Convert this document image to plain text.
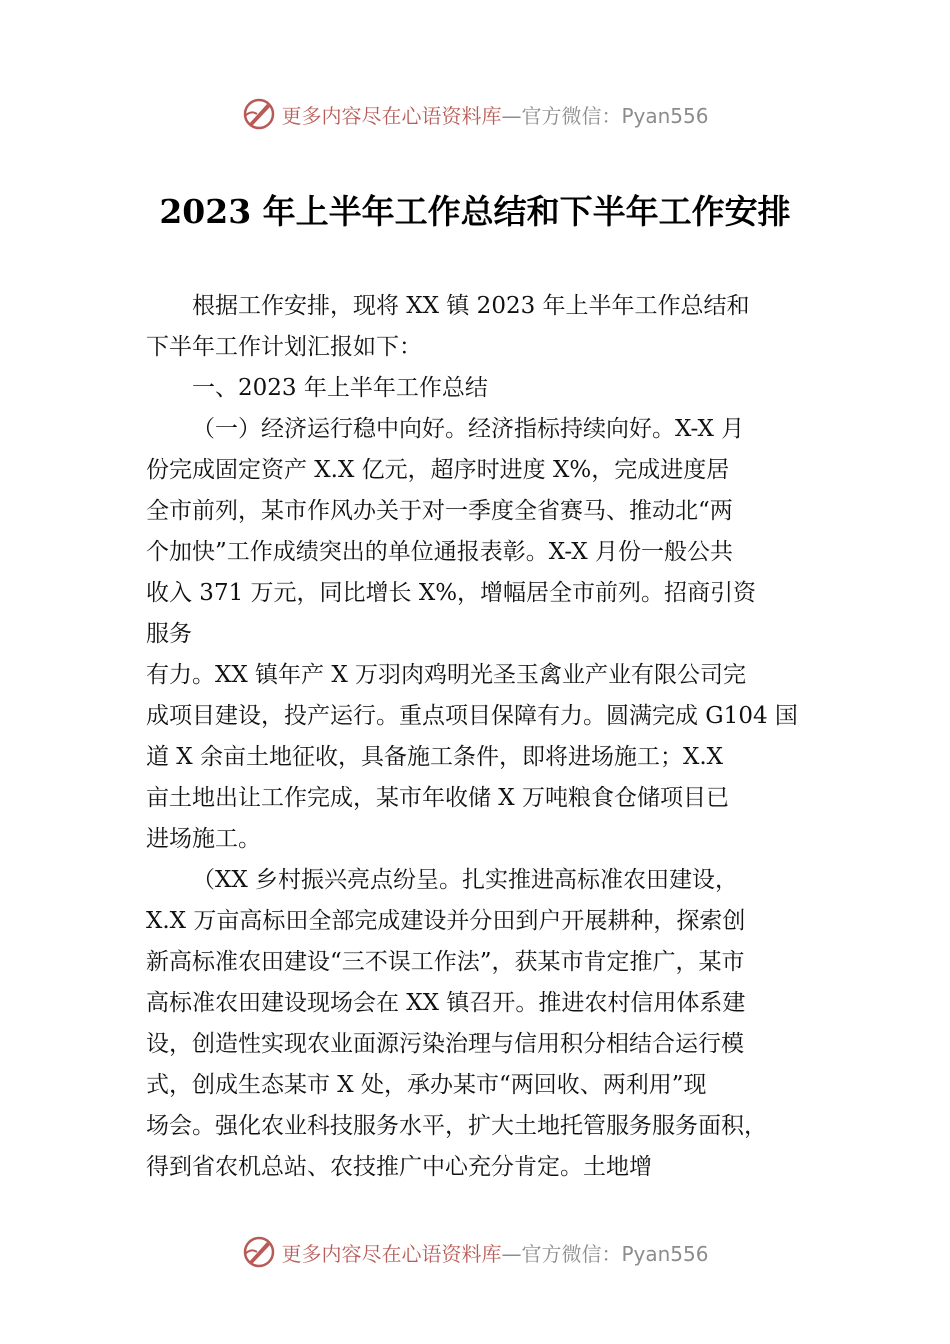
更多内容尽在心语资料库 —官方微信：Pyan556
2023 年上半年工作总结和下半年工作安排
根据工作安排，现将 XX 镇 2023 年上半年工作总结和
下半年工作计划汇报如下：
一、2023 年上半年工作总结
（一）经济运行稳中向好。经济指标持续向好。X-X 月
份完成固定资产 X.X 亿元，超序时进度 X%，完成进度居
全市前列，某市作风办关于对一季度全省赛马、推动北“两
个加快”工作成绩突出的单位通报表彰。X-X 月份一般公共
收入 371 万元，同比增长 X%，增幅居全市前列。招商引资
服务
有力。XX 镇年产 X 万羽肉鸡明光圣玉禽业产业有限公司完
成项目建设，投产运行。重点项目保障有力。圆满完成 G104 国
道 X 余亩土地征收，具备施工条件，即将进场施工；X.X
亩土地出让工作完成，某市年收储 X 万吨粮食仓储项目已
进场施工。
（XX 乡村振兴亮点纷呈。扎实推进高标准农田建设，
X.X 万亩高标田全部完成建设并分田到户开展耕种，探索创
新高标准农田建设“三不误工作法”，获某市肯定推广，某市
高标准农田建设现场会在 XX 镇召开。推进农村信用体系建
设，创造性实现农业面源污染治理与信用积分相结合运行模
式，创成生态某市 X 处，承办某市“两回收、两利用”现
场会。强化农业科技服务水平，扩大土地托管服务服务面积，
得到省农机总站、农技推广中心充分肯定。土地增
更多内容尽在心语资料库 —官方微信：Pyan556
